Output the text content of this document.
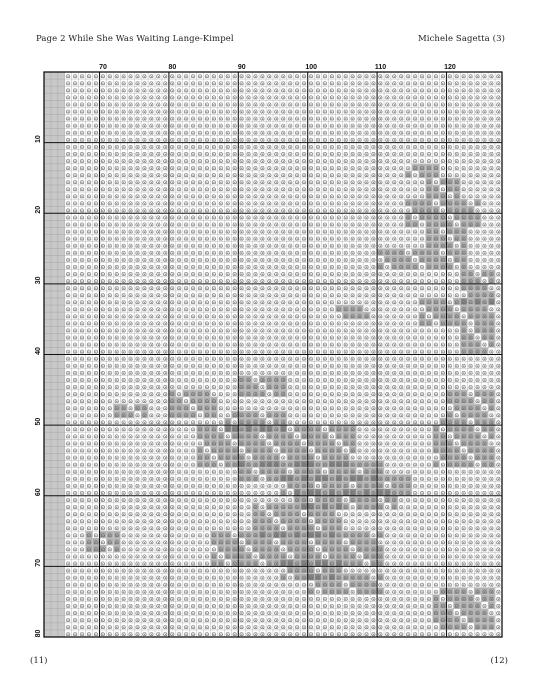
Page 2 While She Was Waiting Lange-Kimpel	Michele Sagetta (3)
70	80	90	100	110	120
10
20
30
40
50
60
70
80
(11)	(12)
